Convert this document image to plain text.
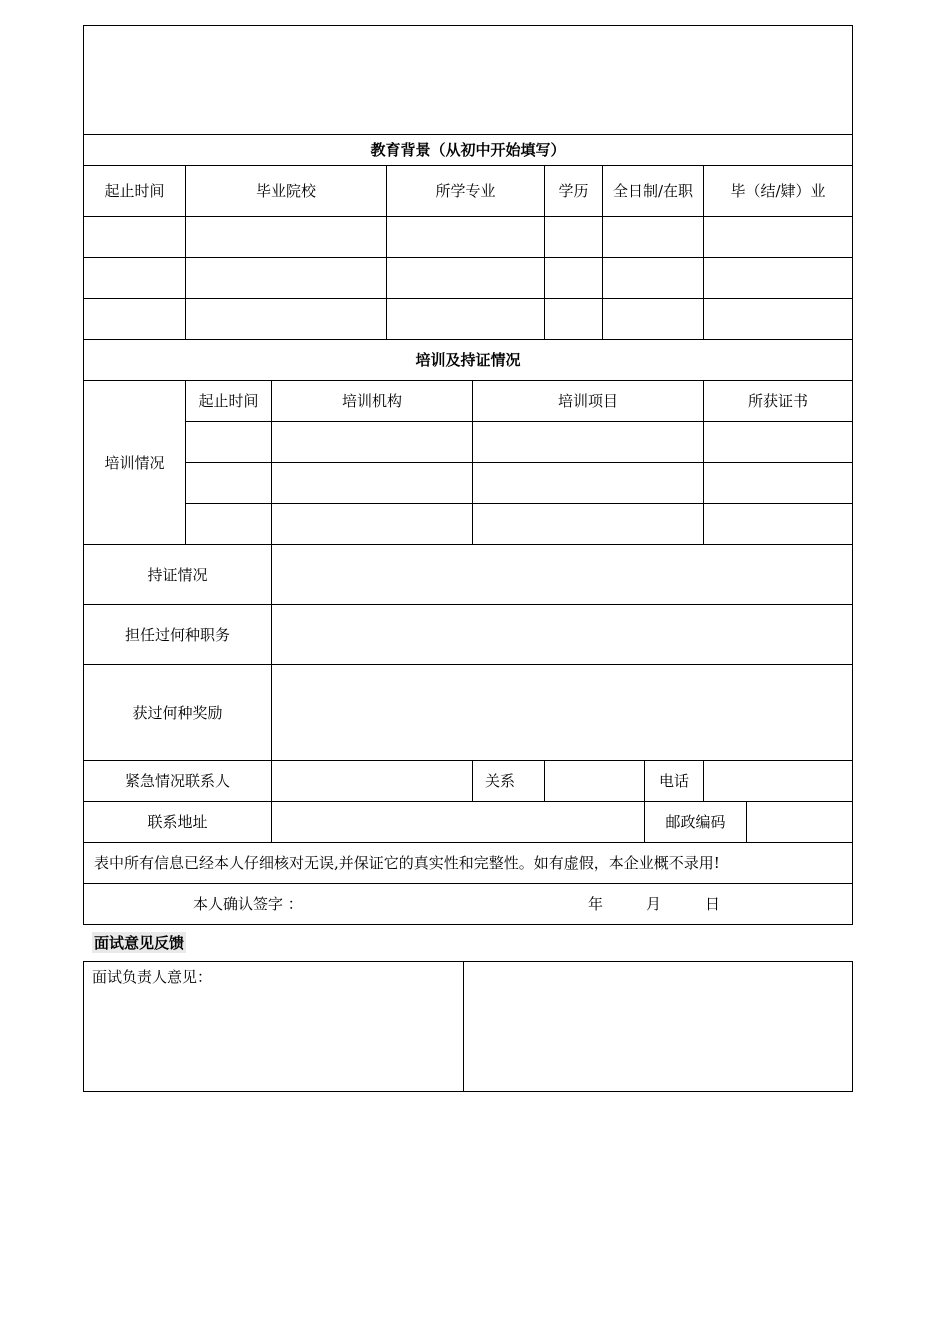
教育背景（从初中开始填写）									
起止时间	毕业院校		所学专业		学历	全日制/在职		毕（结/肄）业	

培训及持证情况									
培训情况	起止时间	培训机构		培训项目				所获证书	

持证情况									
担任过何种职务									
获过何种奖励									
紧急情况联系人				关系			电话		
联系地址							邮政编码		
表中所有信息已经本人仔细核对无误,并保证它的真实性和完整性。如有虚假，本企业概不录用!									

本人确认签字 ： 年 月 日									
面试意见反馈
面试负责人意见：	
